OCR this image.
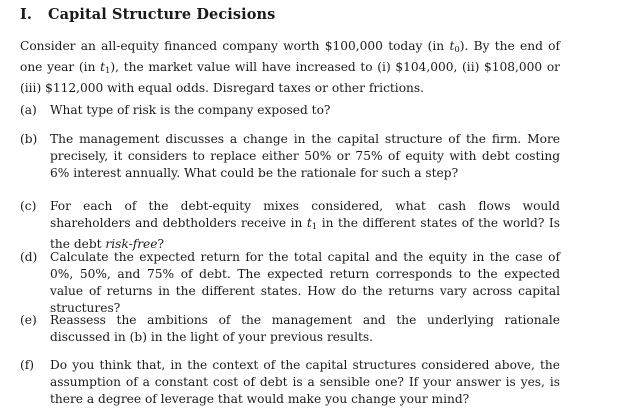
I. Capital Structure Decisions
Consider an all-equity financed company worth $100,000 today (in $t_0$). By the end of one year (in $t_1$), the market value will have increased to (i) $104,000, (ii) $108,000 or (iii) $112,000 with equal odds. Disregard taxes or other frictions.
(a)	What type of risk is the company exposed to?
(b)	The management discusses a change in the capital structure of the firm. More precisely, it considers to replace either 50% or 75% of equity with debt costing 6% interest annually. What could be the rationale for such a step?
(c)	For each of the debt-equity mixes considered, what cash flows would shareholders and debtholders receive in $t_1$ in the different states of the world? Is the debt risk-free?
(d)	Calculate the expected return for the total capital and the equity in the case of 0%, 50%, and 75% of debt. The expected return corresponds to the expected value of returns in the different states. How do the returns vary across capital structures?
(e)	Reassess the ambitions of the management and the underlying rationale discussed in (b) in the light of your previous results.
(f)	Do you think that, in the context of the capital structures considered above, the assumption of a constant cost of debt is a sensible one? If your answer is yes, is there a degree of leverage that would make you change your mind?
